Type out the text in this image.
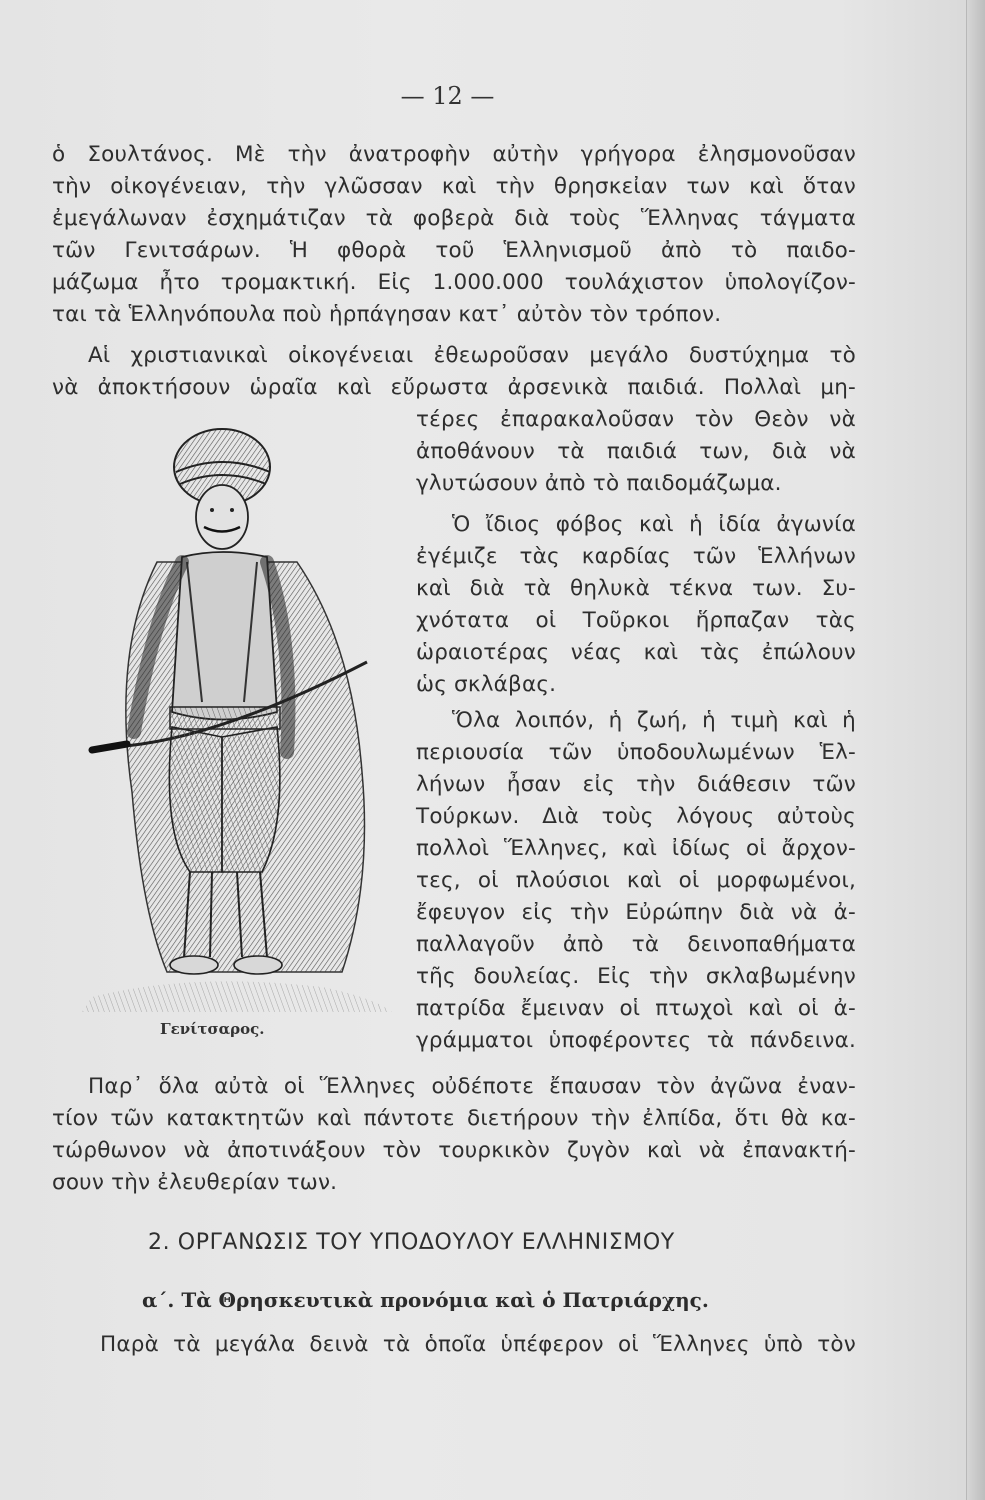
— 12 —
ὁ Σουλτάνος. Μὲ τὴν ἀνατροφὴν αὐτὴν γρήγορα ἐλησμονοῦσαν
τὴν οἰκογένειαν, τὴν γλῶσσαν καὶ τὴν θρησκεἰαν των καὶ ὅταν
ἐμεγάλωναν ἐσχημάτιζαν τὰ φοβερὰ διὰ τοὺς Ἕλληνας τάγματα
τῶν Γενιτσάρων. Ἡ φθορὰ τοῦ Ἑλληνισμοῦ ἀπὸ τὸ παιδο-
μάζωμα ἦτο τρομακτική. Εἰς 1.000.000 τουλάχιστον ὑπολογίζον-
ται τὰ Ἑλληνόπουλα ποὺ ἡρπάγησαν κατ᾽ αὐτὸν τὸν τρόπον.
Αἱ χριστιανικαὶ οἰκογένειαι ἐθεωροῦσαν μεγάλο δυστύχημα τὸ
νὰ ἀποκτήσουν ὡραῖα καὶ εὔρωστα ἀρσενικὰ παιδιά. Πολλαὶ μη-
τέρες ἐπαρακαλοῦσαν τὸν Θεὸν νὰ
ἀποθάνουν τὰ παιδιά των, διὰ νὰ
γλυτώσουν ἀπὸ τὸ παιδομάζωμα.
Ὁ ἴδιος φόβος καὶ ἡ ἰδία ἀγωνία
ἐγέμιζε τὰς καρδίας τῶν Ἑλλήνων
καὶ διὰ τὰ θηλυκὰ τέκνα των. Συ-
χνότατα οἱ Τοῦρκοι ἥρπαζαν τὰς
ὡραιοτέρας νέας καὶ τὰς ἐπώλουν
ὡς σκλάβας.
Ὅλα λοιπόν, ἡ ζωή, ἡ τιμὴ καὶ ἡ
περιουσία τῶν ὑποδουλωμένων Ἑλ-
λήνων ἦσαν εἰς τὴν διάθεσιν τῶν
Τούρκων. Διὰ τοὺς λόγους αὐτοὺς
πολλοὶ Ἕλληνες, καὶ ἰδίως οἱ ἄρχον-
τες, οἱ πλούσιοι καὶ οἱ μορφωμένοι,
ἔφευγον εἰς τὴν Εὐρώπην διὰ νὰ ἀ-
παλλαγοῦν ἀπὸ τὰ δεινοπαθήματα
τῆς δουλείας. Εἰς τὴν σκλαβωμένην
πατρίδα ἔμειναν οἱ πτωχοὶ καὶ οἱ ἀ-
γράμματοι ὑποφέροντες τὰ πάνδεινα.
Γενίτσαρος.
Παρ᾽ ὅλα αὐτὰ οἱ Ἕλληνες οὐδέποτε ἔπαυσαν τὸν ἀγῶνα ἐναν-
τίον τῶν κατακτητῶν καὶ πάντοτε διετήρουν τὴν ἐλπίδα, ὅτι θὰ κα-
τώρθωνον νὰ ἀποτινάξουν τὸν τουρκικὸν ζυγὸν καὶ νὰ ἐπανακτή-
σουν τὴν ἐλευθερίαν των.
2. ΟΡΓΑΝΩΣΙΣ ΤΟΥ ΥΠΟΔΟΥΛΟΥ ΕΛΛΗΝΙΣΜΟΥ
α΄. Τὰ Θρησκευτικὰ προνόμια καὶ ὁ Πατριάρχης.
Παρὰ τὰ μεγάλα δεινὰ τὰ ὁποῖα ὑπέφερον οἱ Ἕλληνες ὑπὸ τὸν
